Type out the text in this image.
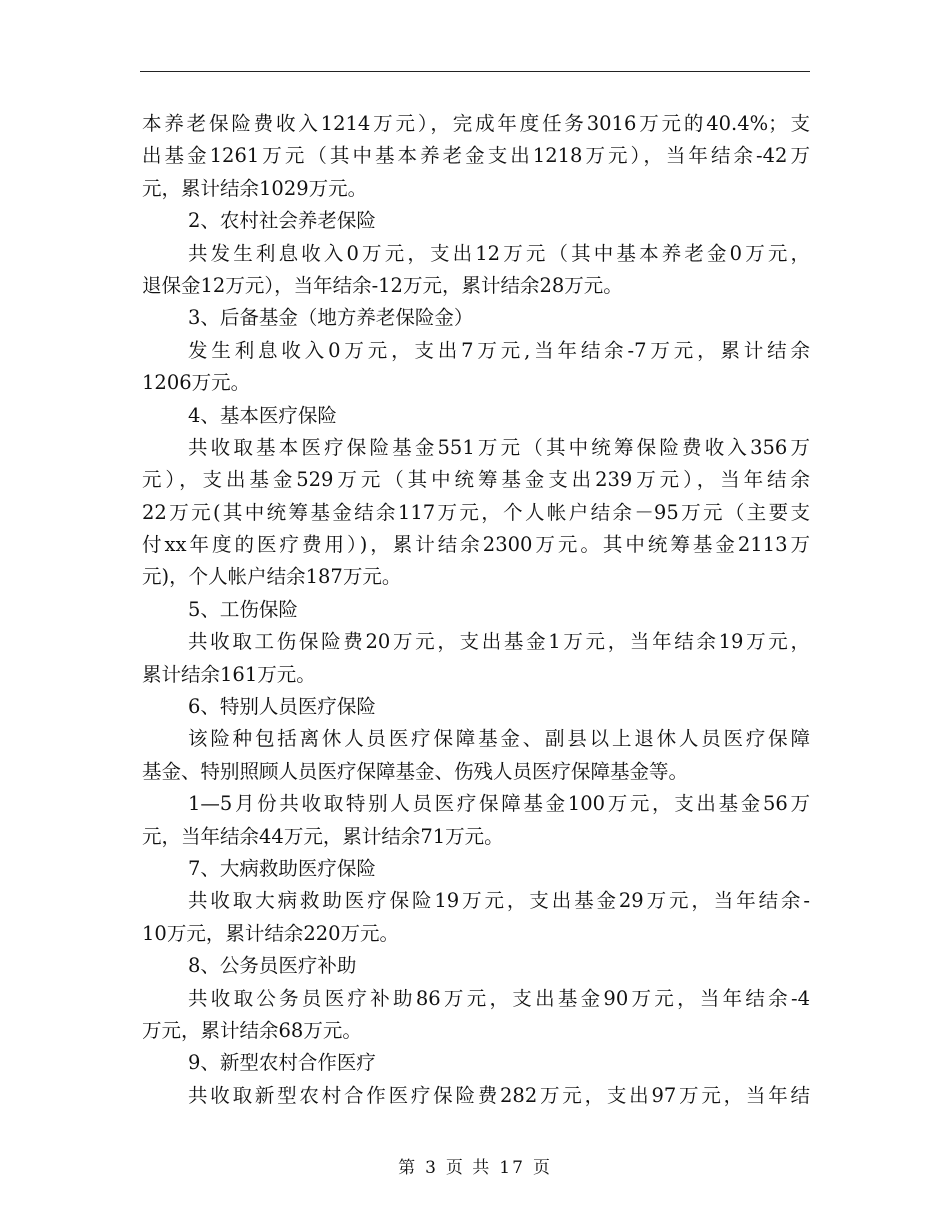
本养老保险费收入1214万元），完成年度任务3016万元的40.4%；支
出基金1261万元（其中基本养老金支出1218万元），当年结余-42万
元，累计结余1029万元。
2、农村社会养老保险
共发生利息收入0万元，支出12万元（其中基本养老金0万元，
退保金12万元），当年结余-12万元，累计结余28万元。
3、后备基金（地方养老保险金）
发生利息收入0万元，支出7万元,当年结余-7万元，累计结余
1206万元。
4、基本医疗保险
共收取基本医疗保险基金551万元（其中统筹保险费收入356万
元），支出基金529万元（其中统筹基金支出239万元），当年结余
22万元(其中统筹基金结余117万元，个人帐户结余－95万元（主要支
付xx年度的医疗费用）)，累计结余2300万元。其中统筹基金2113万
元)，个人帐户结余187万元。
5、工伤保险
共收取工伤保险费20万元，支出基金1万元，当年结余19万元，
累计结余161万元。
6、特别人员医疗保险
该险种包括离休人员医疗保障基金、副县以上退休人员医疗保障
基金、特别照顾人员医疗保障基金、伤残人员医疗保障基金等。
1—5月份共收取特别人员医疗保障基金100万元，支出基金56万
元，当年结余44万元，累计结余71万元。
7、大病救助医疗保险
共收取大病救助医疗保险19万元，支出基金29万元，当年结余-
10万元，累计结余220万元。
8、公务员医疗补助
共收取公务员医疗补助86万元，支出基金90万元，当年结余-4
万元，累计结余68万元。
9、新型农村合作医疗
共收取新型农村合作医疗保险费282万元，支出97万元，当年结
第 3 页 共 17 页
